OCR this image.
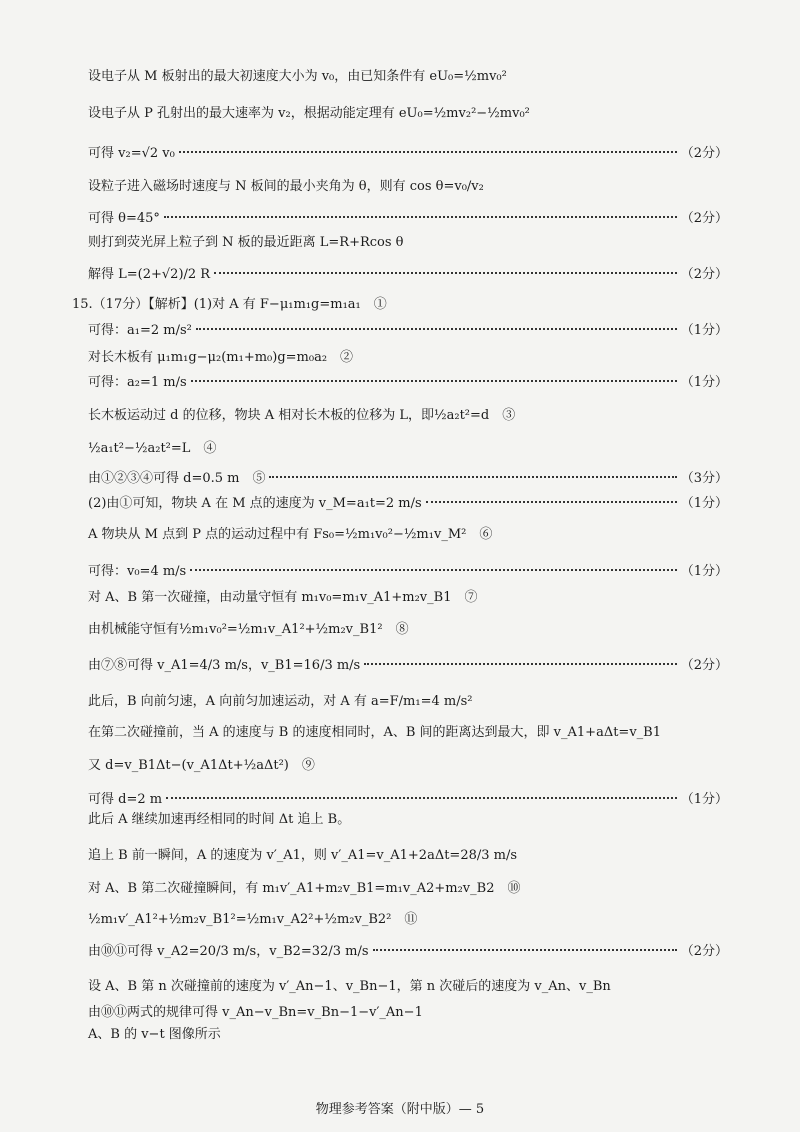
设电子从 M 板射出的最大初速度大小为 v₀，由已知条件有 eU₀=½mv₀²
设电子从 P 孔射出的最大速率为 v₂，根据动能定理有 eU₀=½mv₂²−½mv₀²
可得 v₂=√2 v₀	（2分）
设粒子进入磁场时速度与 N 板间的最小夹角为 θ，则有 cos θ=v₀/v₂
可得 θ=45°	（2分）
则打到荧光屏上粒子到 N 板的最近距离 L=R+Rcos θ
解得 L=(2+√2)/2 R	（2分）
15.（17分）【解析】(1)对 A 有 F−μ₁m₁g=m₁a₁　①
可得：a₁=2 m/s²	（1分）
对长木板有 μ₁m₁g−μ₂(m₁+m₀)g=m₀a₂　②
可得：a₂=1 m/s	（1分）
长木板运动过 d 的位移，物块 A 相对长木板的位移为 L，即½a₂t²=d　③
½a₁t²−½a₂t²=L　④
由①②③④可得 d=0.5 m　⑤	（3分）
(2)由①可知，物块 A 在 M 点的速度为 v_M=a₁t=2 m/s	（1分）
A 物块从 M 点到 P 点的运动过程中有 Fs₀=½m₁v₀²−½m₁v_M²　⑥
可得：v₀=4 m/s	（1分）
对 A、B 第一次碰撞，由动量守恒有 m₁v₀=m₁v_A1+m₂v_B1　⑦
由机械能守恒有½m₁v₀²=½m₁v_A1²+½m₂v_B1²　⑧
由⑦⑧可得 v_A1=4/3 m/s，v_B1=16/3 m/s	（2分）
此后，B 向前匀速，A 向前匀加速运动，对 A 有 a=F/m₁=4 m/s²
在第二次碰撞前，当 A 的速度与 B 的速度相同时，A、B 间的距离达到最大，即 v_A1+aΔt=v_B1
又 d=v_B1Δt−(v_A1Δt+½aΔt²)　⑨
可得 d=2 m	（1分）
此后 A 继续加速再经相同的时间 Δt 追上 B。
追上 B 前一瞬间，A 的速度为 v′_A1，则 v′_A1=v_A1+2aΔt=28/3 m/s
对 A、B 第二次碰撞瞬间，有 m₁v′_A1+m₂v_B1=m₁v_A2+m₂v_B2　⑩
½m₁v′_A1²+½m₂v_B1²=½m₁v_A2²+½m₂v_B2²　⑪
由⑩⑪可得 v_A2=20/3 m/s，v_B2=32/3 m/s	（2分）
设 A、B 第 n 次碰撞前的速度为 v′_An−1、v_Bn−1，第 n 次碰后的速度为 v_An、v_Bn
由⑩⑪两式的规律可得 v_An−v_Bn=v_Bn−1−v′_An−1
A、B 的 v−t 图像所示
物理参考答案（附中版）— 5
